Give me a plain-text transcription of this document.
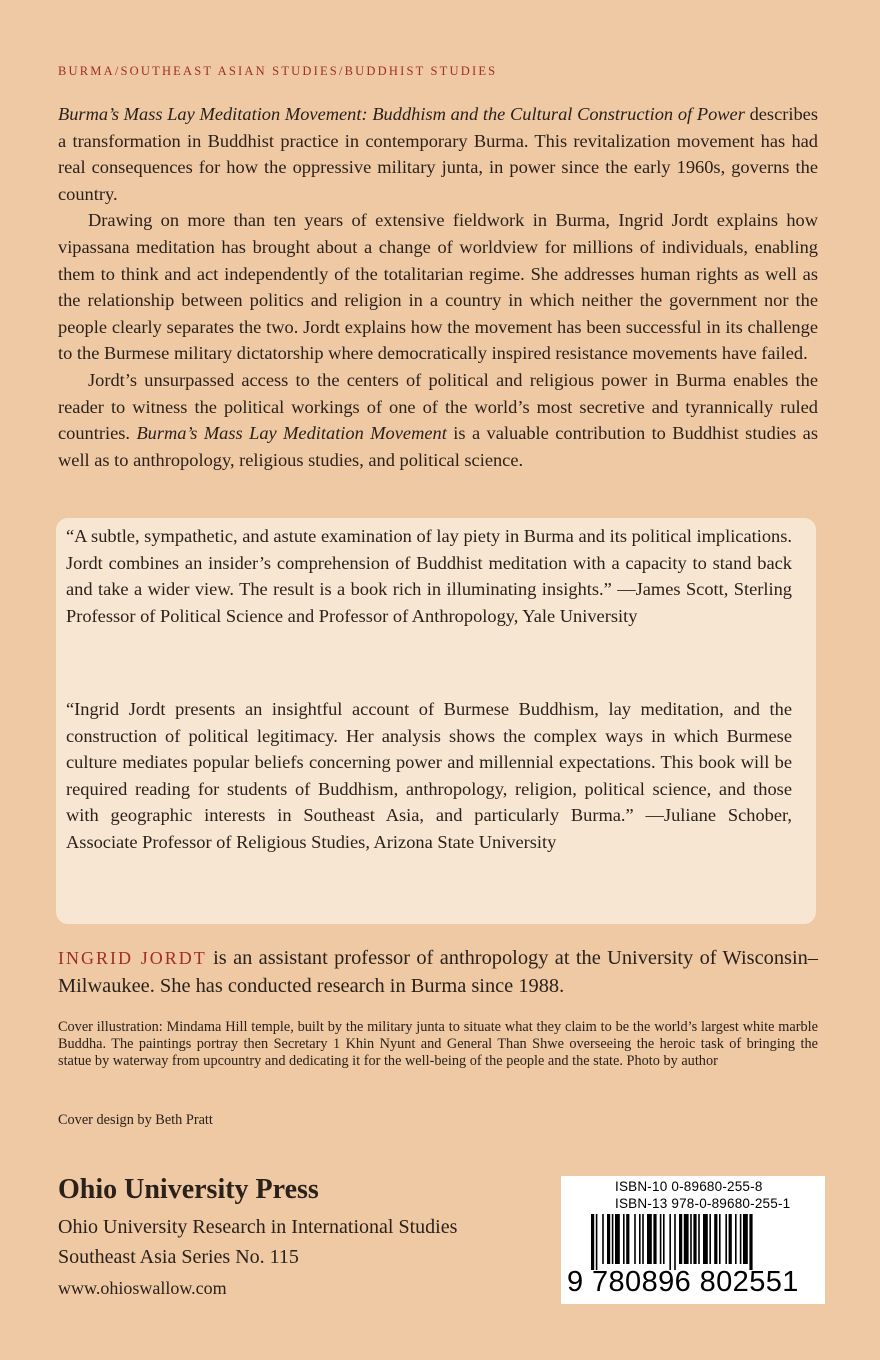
BURMA/SOUTHEAST ASIAN STUDIES/BUDDHIST STUDIES

Burma’s Mass Lay Meditation Movement: Buddhism and the Cultural Construction of Power describes a transformation in Buddhist practice in contemporary Burma. This revitalization movement has had real consequences for how the oppressive military junta, in power since the early 1960s, governs the country.

Drawing on more than ten years of extensive fieldwork in Burma, Ingrid Jordt explains how vipassana meditation has brought about a change of worldview for millions of individuals, enabling them to think and act independently of the totalitarian regime. She addresses human rights as well as the relationship between politics and religion in a country in which neither the government nor the people clearly separates the two. Jordt explains how the movement has been successful in its challenge to the Burmese military dictatorship where democratically inspired resistance movements have failed.

Jordt’s unsurpassed access to the centers of political and religious power in Burma enables the reader to witness the political workings of one of the world’s most secretive and tyrannically ruled countries. Burma’s Mass Lay Meditation Movement is a valuable contribution to Buddhist studies as well as to anthropology, religious studies, and political science.

“A subtle, sympathetic, and astute examination of lay piety in Burma and its political implications. Jordt combines an insider’s comprehension of Buddhist meditation with a capacity to stand back and take a wider view. The result is a book rich in illuminating insights.” —James Scott, Sterling Professor of Political Science and Professor of Anthropology, Yale University

“Ingrid Jordt presents an insightful account of Burmese Buddhism, lay meditation, and the construction of political legitimacy. Her analysis shows the complex ways in which Burmese culture mediates popular beliefs concerning power and millennial expectations. This book will be required reading for students of Buddhism, anthropology, religion, political science, and those with geographic interests in Southeast Asia, and particularly Burma.” —Juliane Schober, Associate Professor of Religious Studies, Arizona State University

INGRID JORDT is an assistant professor of anthropology at the University of Wisconsin–Milwaukee. She has conducted research in Burma since 1988.

Cover illustration: Mindama Hill temple, built by the military junta to situate what they claim to be the world’s largest white marble Buddha. The paintings portray then Secretary 1 Khin Nyunt and General Than Shwe overseeing the heroic task of bringing the statue by waterway from upcountry and dedicating it for the well-being of the people and the state. Photo by author

Cover design by Beth Pratt

Ohio University Press

Ohio University Research in International Studies

Southeast Asia Series No. 115

www.ohioswallow.com

ISBN-10 0-89680-255-8
ISBN-13 978-0-89680-255-1
9 780896 802551
